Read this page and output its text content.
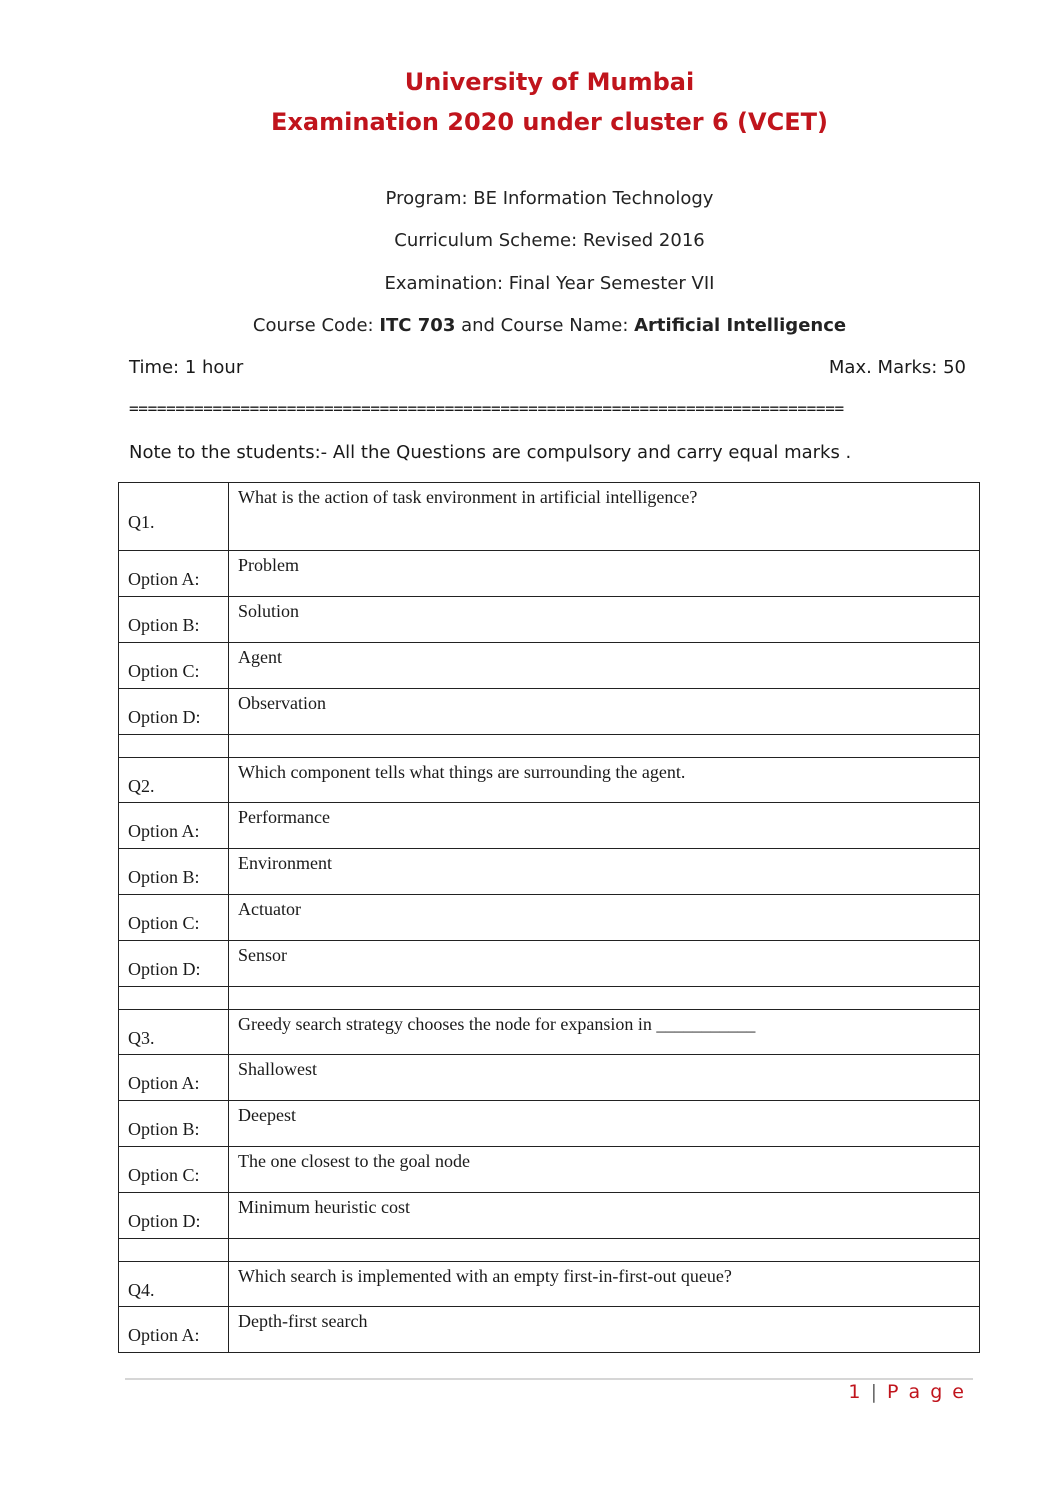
University of Mumbai
Examination 2020 under cluster 6 (VCET)
Program: BE Information Technology
Curriculum Scheme: Revised 2016
Examination: Final Year Semester VII
Course Code: ITC 703 and Course Name: Artificial Intelligence
Time: 1 hour	Max. Marks: 50
=============================================================================
Note to the students:- All the Questions are compulsory and carry equal marks .
Q1.	What is the action of task environment in artificial intelligence?
Option A:	Problem
Option B:	Solution
Option C:	Agent
Option D:	Observation

Q2.	Which component tells what things are surrounding the agent.
Option A:	Performance
Option B:	Environment
Option C:	Actuator
Option D:	Sensor

Q3.	Greedy search strategy chooses the node for expansion in ___________
Option A:	Shallowest
Option B:	Deepest
Option C:	The one closest to the goal node
Option D:	Minimum heuristic cost

Q4.	Which search is implemented with an empty first-in-first-out queue?
Option A:	Depth-first search
1 | P a g e
